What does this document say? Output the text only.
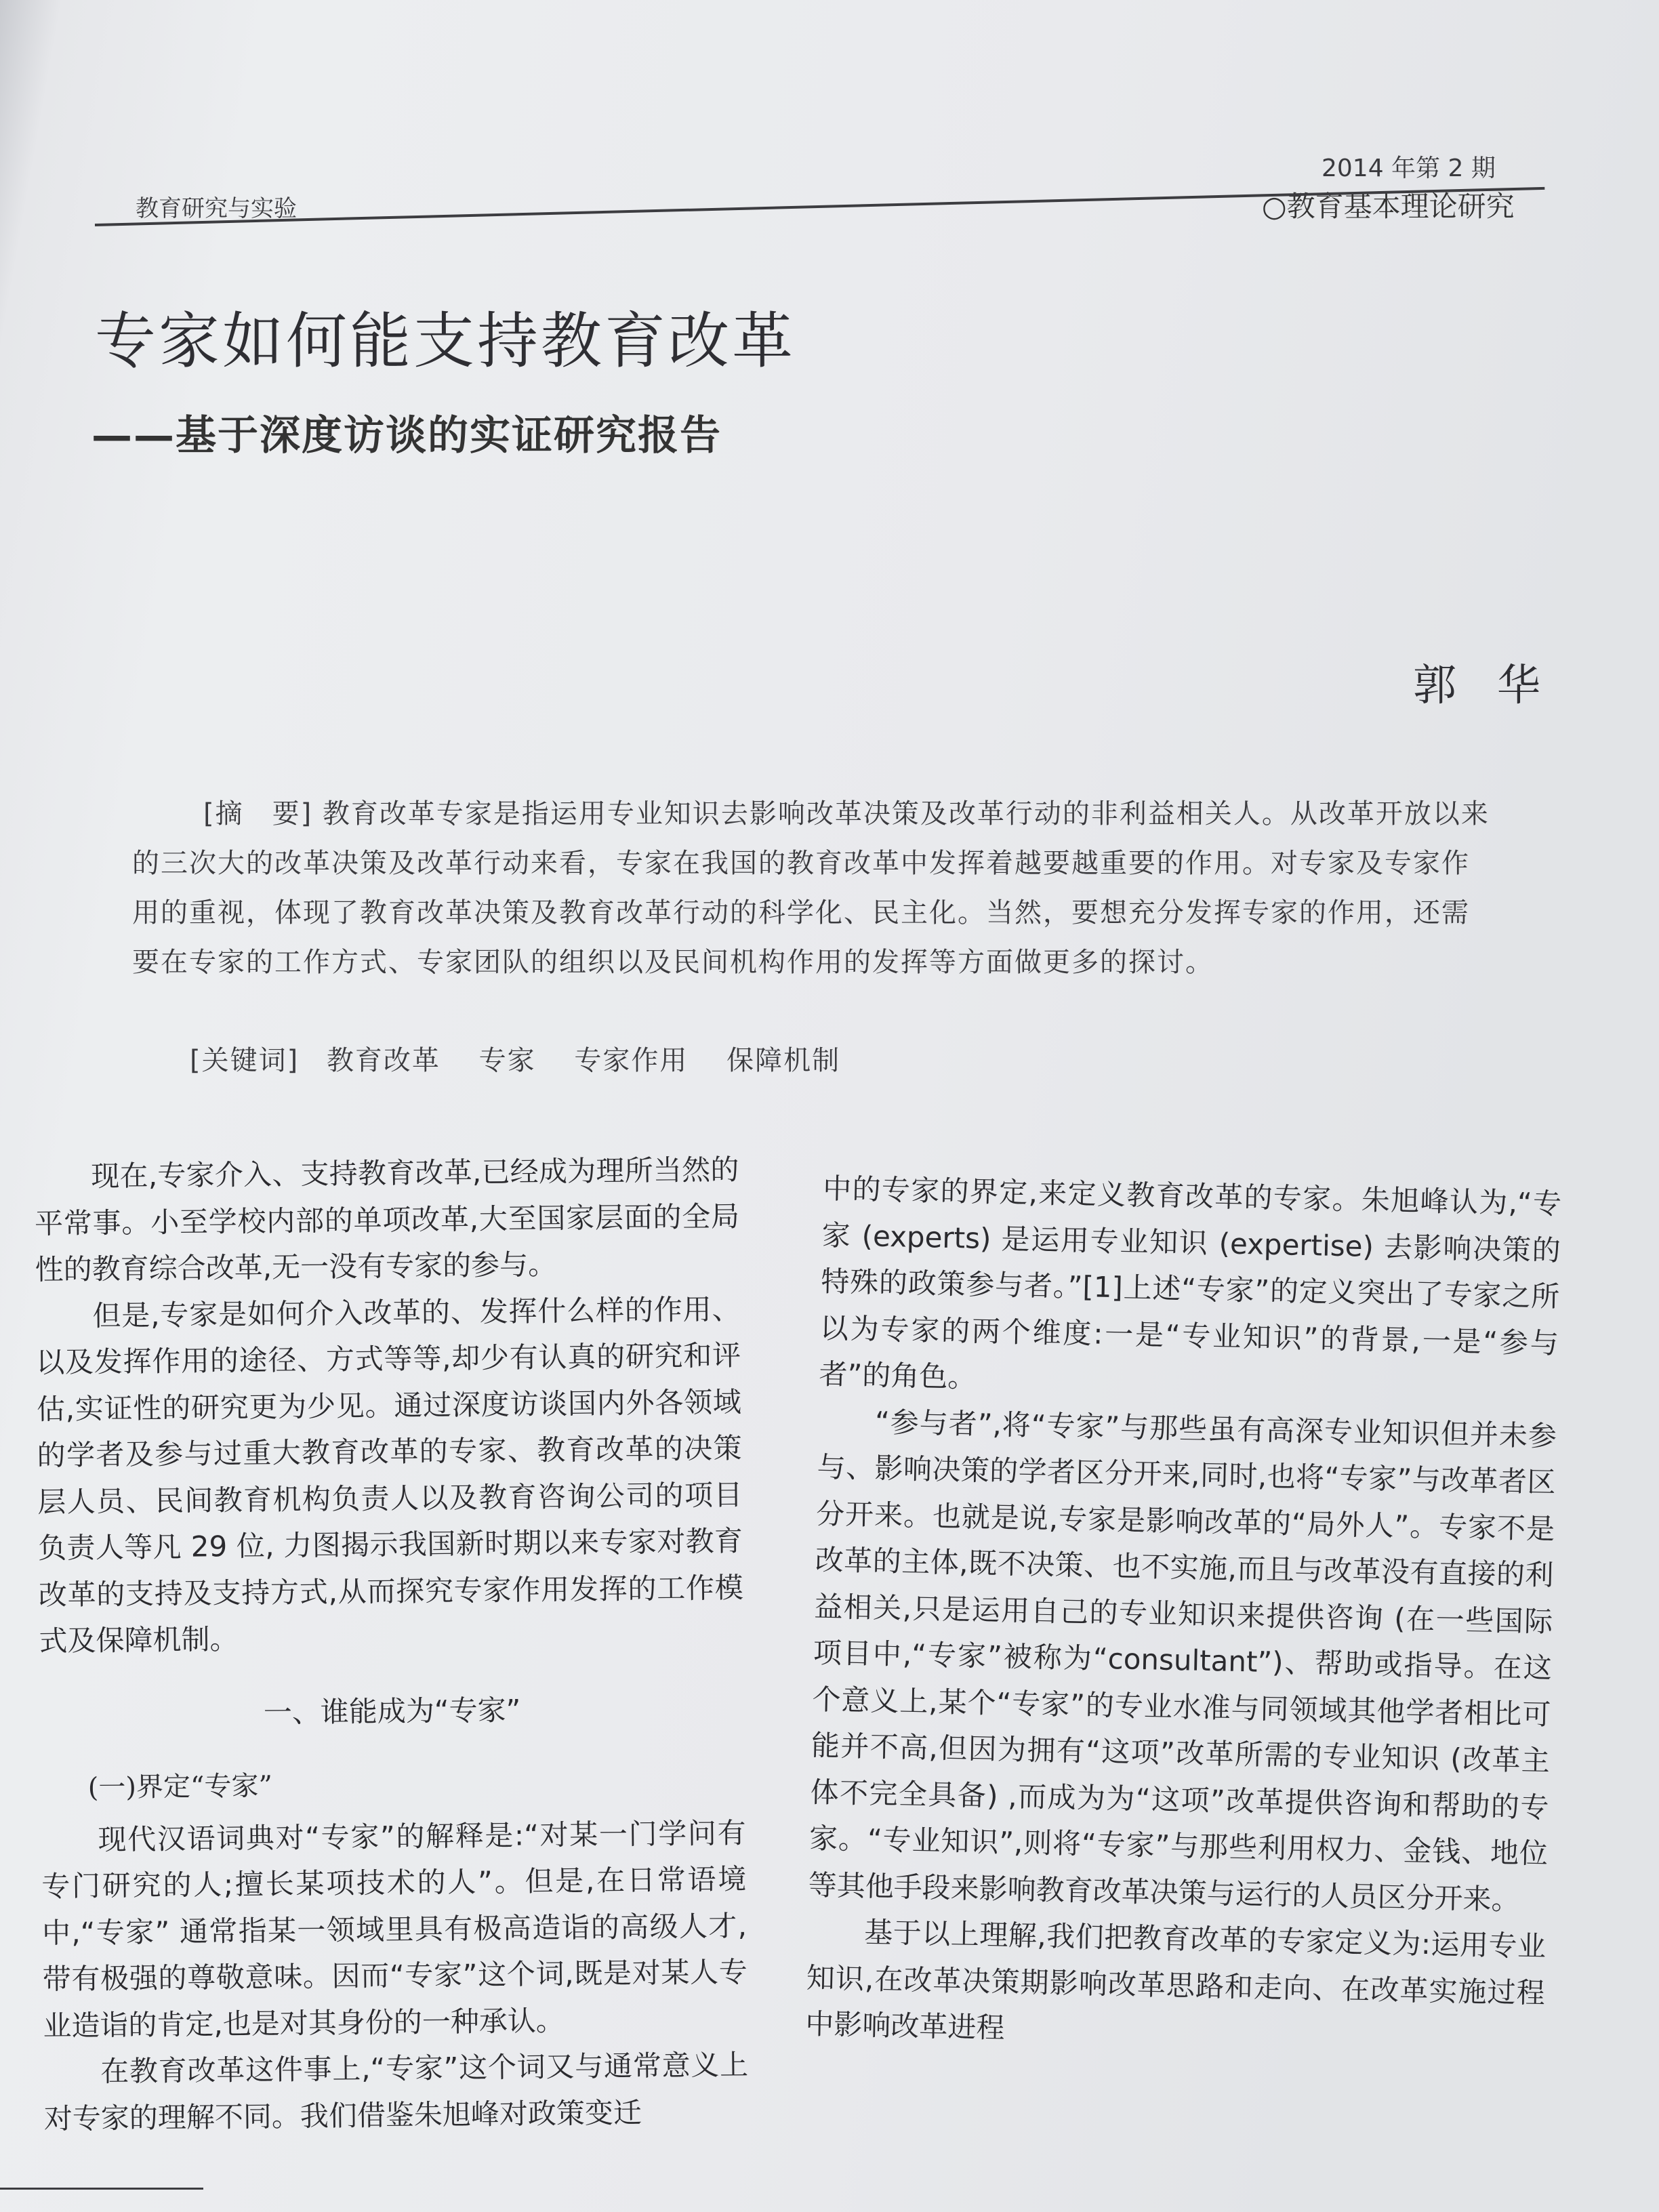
2014 年第 2 期
教育研究与实验	○教育基本理论研究
专家如何能支持教育改革
——基于深度访谈的实证研究报告
郭华
[摘　要] 教育改革专家是指运用专业知识去影响改革决策及改革行动的非利益相关人。从改革开放以来的三次大的改革决策及改革行动来看，专家在我国的教育改革中发挥着越要越重要的作用。对专家及专家作用的重视，体现了教育改革决策及教育改革行动的科学化、民主化。当然，要想充分发挥专家的作用，还需要在专家的工作方式、专家团队的组织以及民间机构作用的发挥等方面做更多的探讨。
[关键词] 教育改革 专家 专家作用 保障机制

现在,专家介入、支持教育改革,已经成为理所当然的平常事。小至学校内部的单项改革,大至国家层面的全局性的教育综合改革,无一没有专家的参与。

但是,专家是如何介入改革的、发挥什么样的作用、以及发挥作用的途径、方式等等,却少有认真的研究和评估,实证性的研究更为少见。通过深度访谈国内外各领域的学者及参与过重大教育改革的专家、教育改革的决策层人员、民间教育机构负责人以及教育咨询公司的项目负责人等凡 29 位, 力图揭示我国新时期以来专家对教育改革的支持及支持方式,从而探究专家作用发挥的工作模式及保障机制。

一、谁能成为“专家”

(一)界定“专家”

现代汉语词典对“专家”的解释是:“对某一门学问有专门研究的人;擅长某项技术的人”。但是,在日常语境中,“专家” 通常指某一领域里具有极高造诣的高级人才,带有极强的尊敬意味。因而“专家”这个词,既是对某人专业造诣的肯定,也是对其身份的一种承认。

在教育改革这件事上,“专家”这个词又与通常意义上对专家的理解不同。我们借鉴朱旭峰对政策变迁

中的专家的界定,来定义教育改革的专家。朱旭峰认为,“专家 (experts) 是运用专业知识 (expertise) 去影响决策的特殊的政策参与者。”[1]上述“专家”的定义突出了专家之所以为专家的两个维度:一是“专业知识”的背景,一是“参与者”的角色。

“参与者”,将“专家”与那些虽有高深专业知识但并未参与、影响决策的学者区分开来,同时,也将“专家”与改革者区分开来。也就是说,专家是影响改革的“局外人”。专家不是改革的主体,既不决策、也不实施,而且与改革没有直接的利益相关,只是运用自己的专业知识来提供咨询 (在一些国际项目中,“专家”被称为“consultant”)、帮助或指导。在这个意义上,某个“专家”的专业水准与同领域其他学者相比可能并不高,但因为拥有“这项”改革所需的专业知识 (改革主体不完全具备) ,而成为为“这项”改革提供咨询和帮助的专家。“专业知识”,则将“专家”与那些利用权力、金钱、地位等其他手段来影响教育改革决策与运行的人员区分开来。

基于以上理解,我们把教育改革的专家定义为:运用专业知识,在改革决策期影响改革思路和走向、在改革实施过程中影响改革进程
